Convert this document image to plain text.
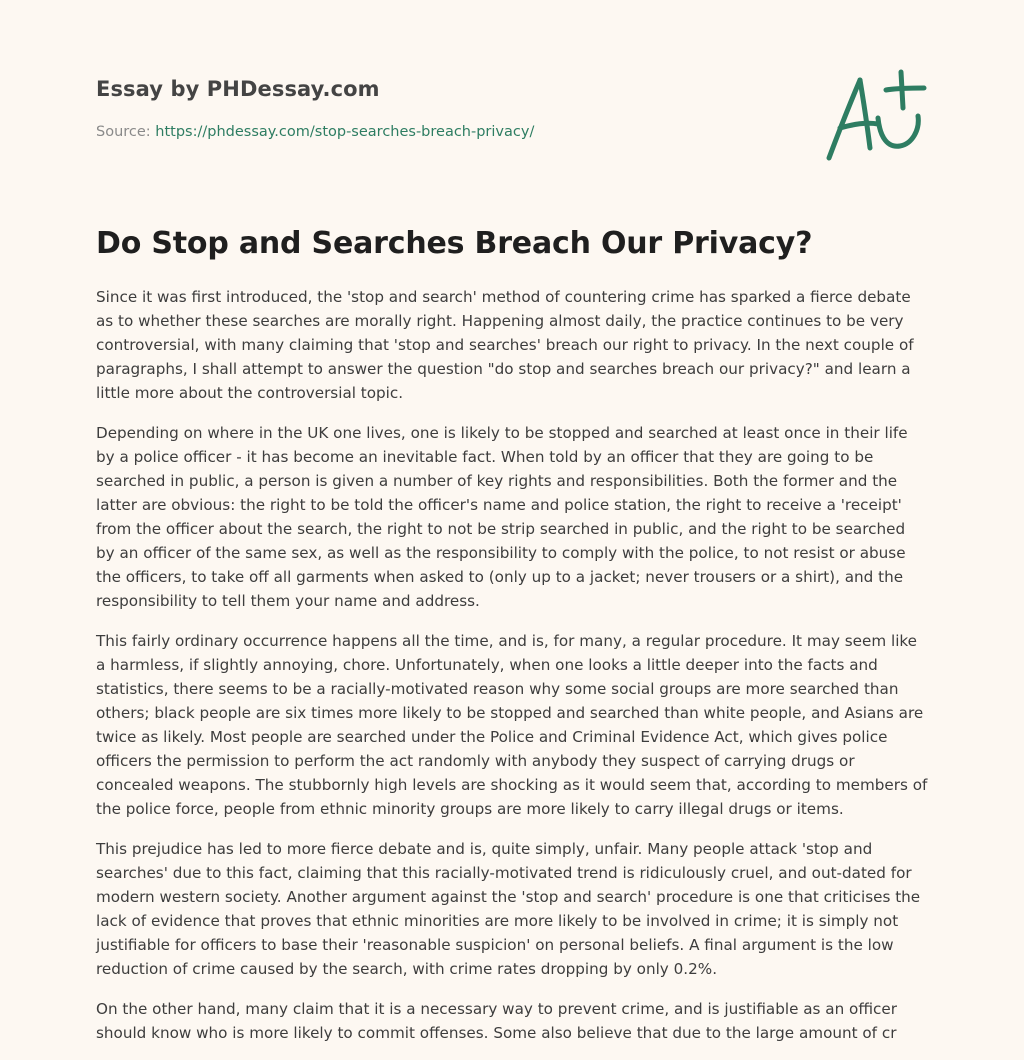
Essay by PHDessay.com
Source: https://phdessay.com/stop-searches-breach-privacy/
Do Stop and Searches Breach Our Privacy?

Since it was first introduced, the 'stop and search' method of countering crime has sparked a fierce debate as to whether these searches are morally right. Happening almost daily, the practice continues to be very controversial, with many claiming that 'stop and searches' breach our right to privacy. In the next couple of paragraphs, I shall attempt to answer the question "do stop and searches breach our privacy?" and learn a little more about the controversial topic.

Depending on where in the UK one lives, one is likely to be stopped and searched at least once in their life by a police officer - it has become an inevitable fact. When told by an officer that they are going to be searched in public, a person is given a number of key rights and responsibilities. Both the former and the latter are obvious: the right to be told the officer's name and police station, the right to receive a 'receipt' from the officer about the search, the right to not be strip searched in public, and the right to be searched by an officer of the same sex, as well as the responsibility to comply with the police, to not resist or abuse the officers, to take off all garments when asked to (only up to a jacket; never trousers or a shirt), and the responsibility to tell them your name and address.

This fairly ordinary occurrence happens all the time, and is, for many, a regular procedure. It may seem like a harmless, if slightly annoying, chore. Unfortunately, when one looks a little deeper into the facts and statistics, there seems to be a racially-motivated reason why some social groups are more searched than others; black people are six times more likely to be stopped and searched than white people, and Asians are twice as likely. Most people are searched under the Police and Criminal Evidence Act, which gives police officers the permission to perform the act randomly with anybody they suspect of carrying drugs or concealed weapons. The stubbornly high levels are shocking as it would seem that, according to members of the police force, people from ethnic minority groups are more likely to carry illegal drugs or items.

This prejudice has led to more fierce debate and is, quite simply, unfair. Many people attack 'stop and searches' due to this fact, claiming that this racially-motivated trend is ridiculously cruel, and out-dated for modern western society. Another argument against the 'stop and search' procedure is one that criticises the lack of evidence that proves that ethnic minorities are more likely to be involved in crime; it is simply not justifiable for officers to base their 'reasonable suspicion' on personal beliefs. A final argument is the low reduction of crime caused by the search, with crime rates dropping by only 0.2%.

On the other hand, many claim that it is a necessary way to prevent crime, and is justifiable as an officer should know who is more likely to commit offenses. Some also believe that due to the large amount of cr
